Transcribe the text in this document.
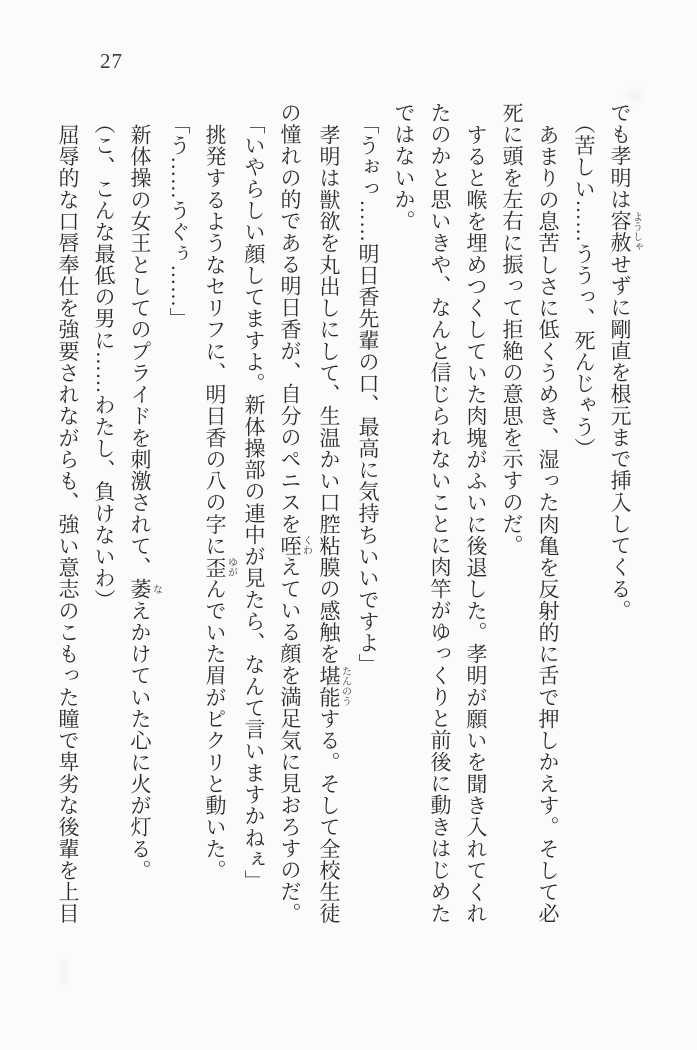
27

でも孝明は容赦ようしゃせずに剛直を根元まで挿入してくる。

（苦しい……ううっ、死んじゃう）

あまりの息苦しさに低くうめき、湿った肉亀を反射的に舌で押しかえす。そして必

死に頭を左右に振って拒絶の意思を示すのだ。

すると喉を埋めつくしていた肉塊がふいに後退した。孝明が願いを聞き入れてくれ

たのかと思いきや、なんと信じられないことに肉竿がゆっくりと前後に動きはじめた

ではないか。

「うぉっ……明日香先輩の口、最高に気持ちいいですよ」

孝明は獣欲を丸出しにして、生温かい口腔粘膜の感触を堪能たんのうする。そして全校生徒

の憧れの的である明日香が、自分のペニスを咥くわえている顔を満足気に見おろすのだ。

「いやらしい顔してますよ。新体操部の連中が見たら、なんて言いますかねぇ」

挑発するようなセリフに、明日香の八の字に歪ゆがんでいた眉がピクリと動いた。

「う……うぐぅ……」

新体操の女王としてのプライドを刺激されて、萎なえかけていた心に火が灯る。

（こ、こんな最低の男に……わたし、負けないわ）

屈辱的な口唇奉仕を強要されながらも、強い意志のこもった瞳で卑劣な後輩を上目
